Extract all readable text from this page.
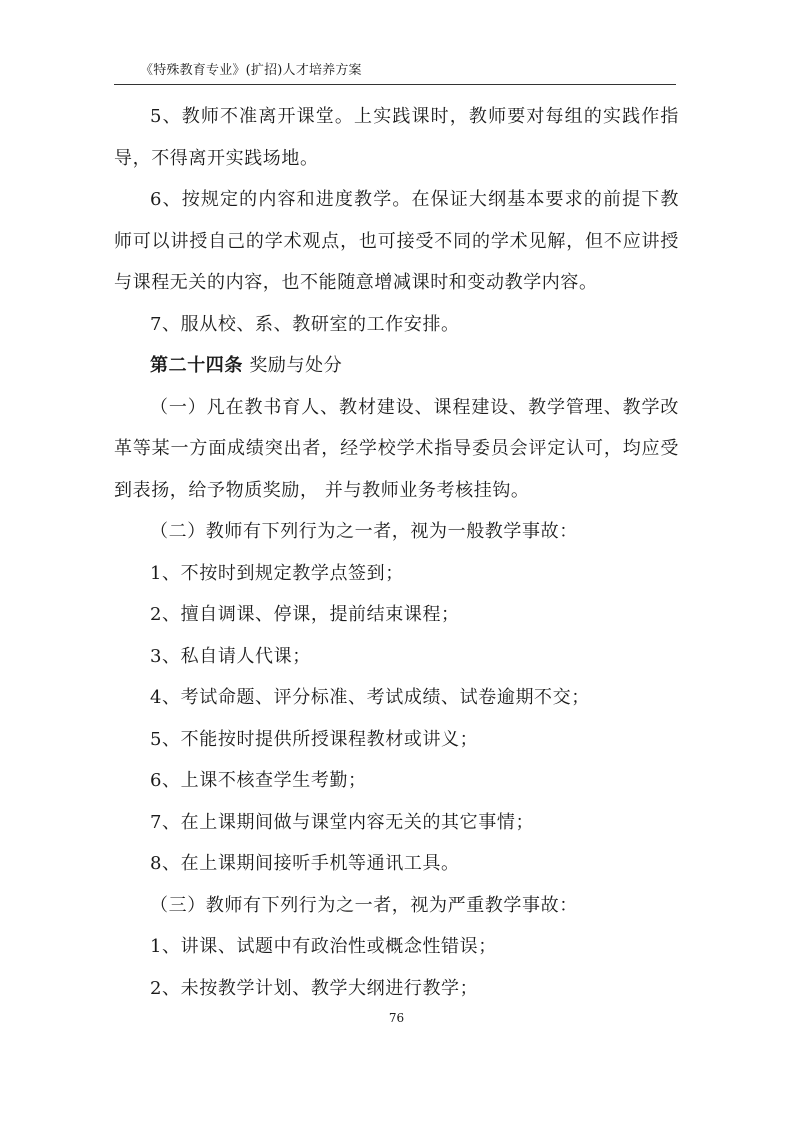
《特殊教育专业》(扩招)人才培养方案

5、教师不准离开课堂。上实践课时，教师要对每组的实践作指导，不得离开实践场地。

6、按规定的内容和进度教学。在保证大纲基本要求的前提下教师可以讲授自己的学术观点，也可接受不同的学术见解，但不应讲授与课程无关的内容，也不能随意增减课时和变动教学内容。

7、服从校、系、教研室的工作安排。

第二十四条 奖励与处分

（一）凡在教书育人、教材建设、课程建设、教学管理、教学改革等某一方面成绩突出者，经学校学术指导委员会评定认可，均应受到表扬，给予物质奖励， 并与教师业务考核挂钩。

（二）教师有下列行为之一者，视为一般教学事故：

1、不按时到规定教学点签到；

2、擅自调课、停课，提前结束课程；

3、私自请人代课；

4、考试命题、评分标准、考试成绩、试卷逾期不交；

5、不能按时提供所授课程教材或讲义；

6、上课不核查学生考勤；

7、在上课期间做与课堂内容无关的其它事情；

8、在上课期间接听手机等通讯工具。

（三）教师有下列行为之一者，视为严重教学事故：

1、讲课、试题中有政治性或概念性错误；

2、未按教学计划、教学大纲进行教学；

76
